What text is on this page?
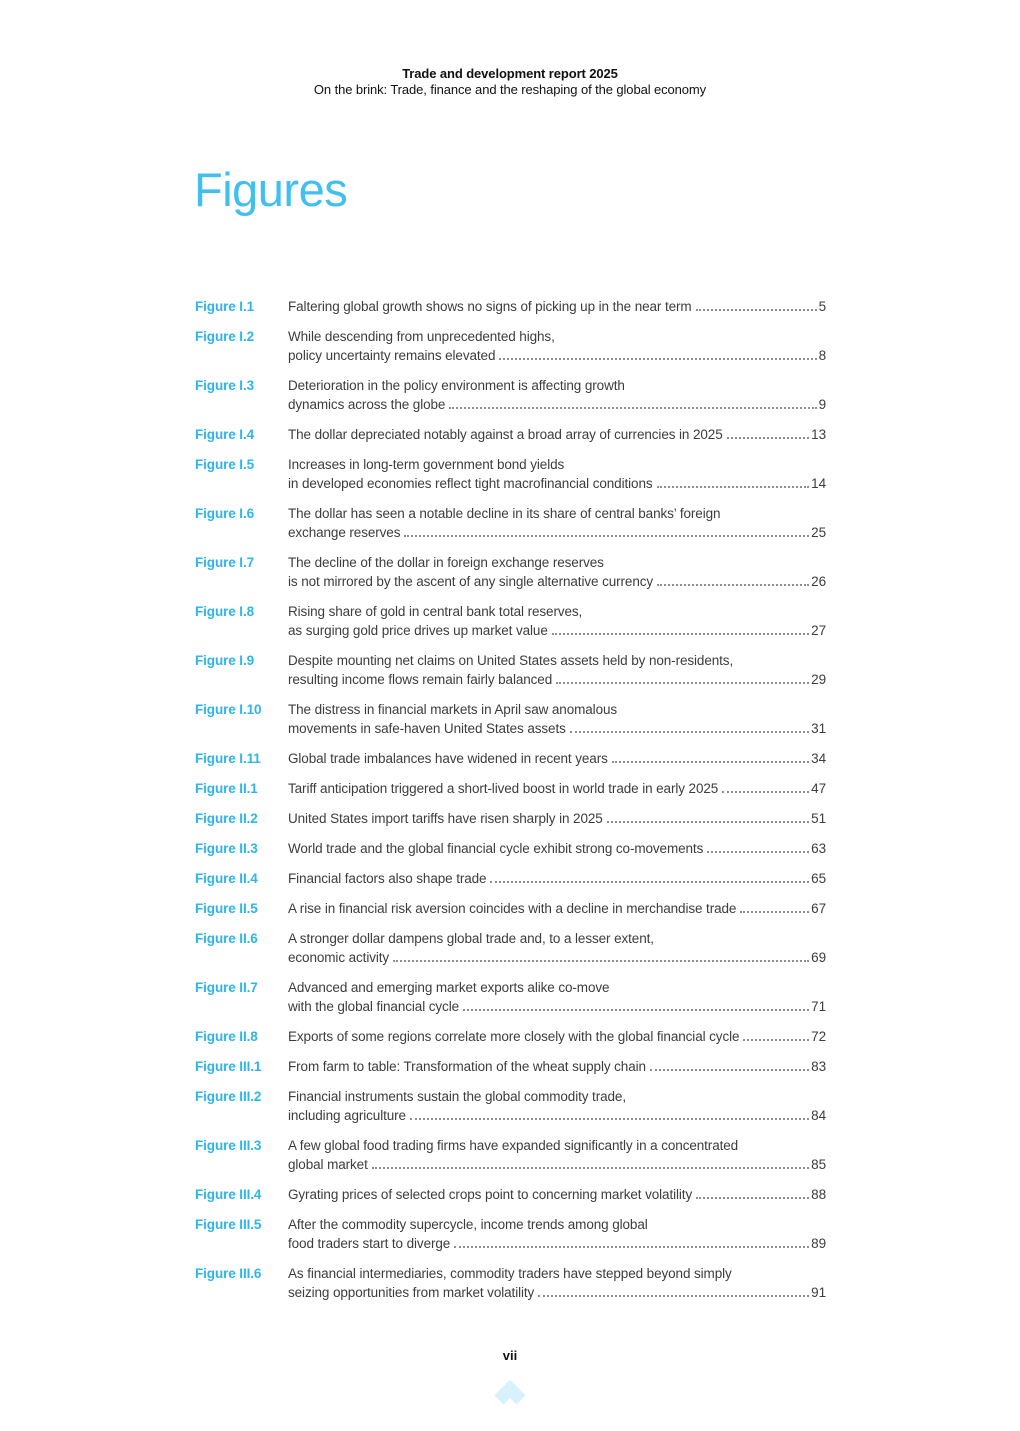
Trade and development report 2025
On the brink: Trade, finance and the reshaping of the global economy
Figures
Figure I.1	Faltering global growth shows no signs of picking up in the near term	5
Figure I.2	While descending from unprecedented highs,
policy uncertainty remains elevated	8
Figure I.3	Deterioration in the policy environment is affecting growth
dynamics across the globe	9
Figure I.4	The dollar depreciated notably against a broad array of currencies in 2025	13
Figure I.5	Increases in long-term government bond yields
in developed economies reflect tight macrofinancial conditions	14
Figure I.6	The dollar has seen a notable decline in its share of central banks’ foreign
exchange reserves	25
Figure I.7	The decline of the dollar in foreign exchange reserves
is not mirrored by the ascent of any single alternative currency	26
Figure I.8	Rising share of gold in central bank total reserves,
as surging gold price drives up market value	27
Figure I.9	Despite mounting net claims on United States assets held by non-residents,
resulting income flows remain fairly balanced	29
Figure I.10	The distress in financial markets in April saw anomalous
movements in safe-haven United States assets	31
Figure I.11	Global trade imbalances have widened in recent years	34
Figure II.1	Tariff anticipation triggered a short-lived boost in world trade in early 2025	47
Figure II.2	United States import tariffs have risen sharply in 2025	51
Figure II.3	World trade and the global financial cycle exhibit strong co-movements	63
Figure II.4	Financial factors also shape trade	65
Figure II.5	A rise in financial risk aversion coincides with a decline in merchandise trade	67
Figure II.6	A stronger dollar dampens global trade and, to a lesser extent,
economic activity	69
Figure II.7	Advanced and emerging market exports alike co-move
with the global financial cycle	71
Figure II.8	Exports of some regions correlate more closely with the global financial cycle	72
Figure III.1	From farm to table: Transformation of the wheat supply chain	83
Figure III.2	Financial instruments sustain the global commodity trade,
including agriculture	84
Figure III.3	A few global food trading firms have expanded significantly in a concentrated
global market	85
Figure III.4	Gyrating prices of selected crops point to concerning market volatility	88
Figure III.5	After the commodity supercycle, income trends among global
food traders start to diverge	89
Figure III.6	As financial intermediaries, commodity traders have stepped beyond simply
seizing opportunities from market volatility	91
vii
